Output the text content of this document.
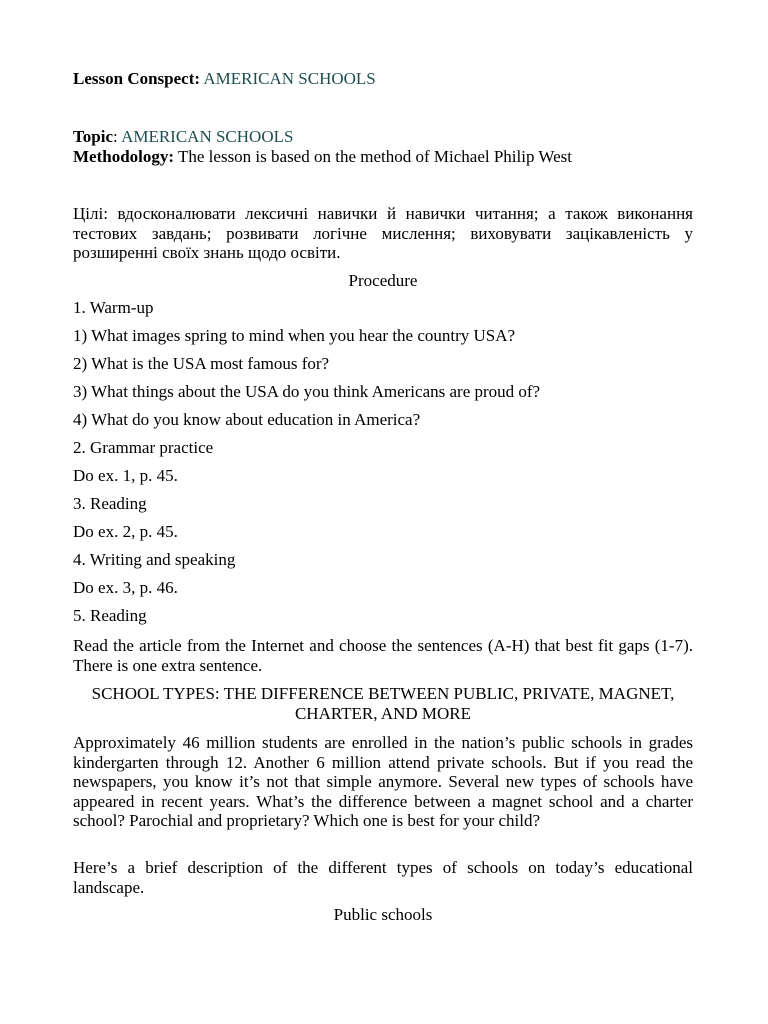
Lesson Conspect: AMERICAN SCHOOLS
Topic: AMERICAN SCHOOLS
Methodology: The lesson is based on the method of Michael Philip West
Цілі: вдосконалювати лексичні навички й навички читання; а також виконання тестових завдань; розвивати логічне мислення; виховувати зацікавленість у розширенні своїх знань щодо освіти.
Procedure
1. Warm-up
1) What images spring to mind when you hear the country USA?
2) What is the USA most famous for?
3) What things about the USA do you think Americans are proud of?
4) What do you know about education in America?
2. Grammar practice
Do ex. 1, p. 45.
3. Reading
Do ex. 2, p. 45.
4. Writing and speaking
Do ex. 3, p. 46.
5. Reading
Read the article from the Internet and choose the sentences (A-H) that best fit gaps (1-7). There is one extra sentence.
SCHOOL TYPES: THE DIFFERENCE BETWEEN PUBLIC, PRIVATE, MAGNET, CHARTER, AND MORE
Approximately 46 million students are enrolled in the nation’s public schools in grades kindergarten through 12. Another 6 million attend private schools. But if you read the newspapers, you know it’s not that simple anymore. Several new types of schools have appeared in recent years. What’s the difference between a magnet school and a charter school? Parochial and proprietary? Which one is best for your child?
Here’s a brief description of the different types of schools on today’s educational landscape.
Public schools
